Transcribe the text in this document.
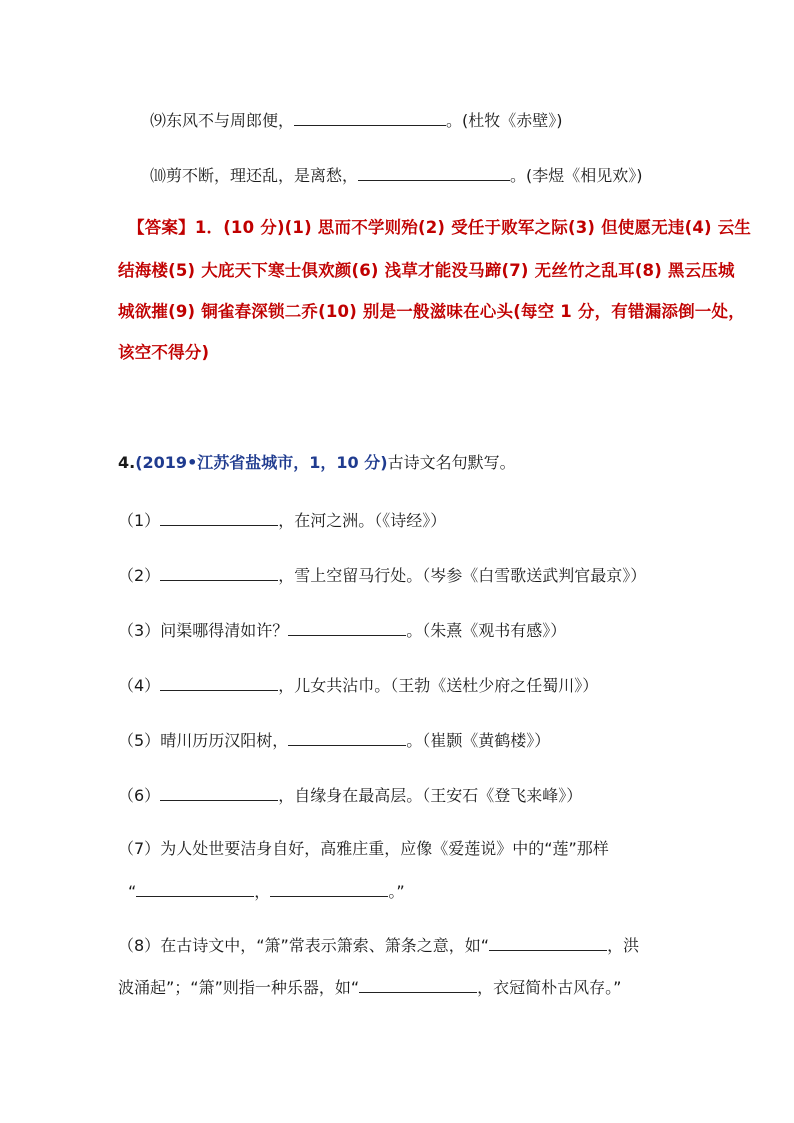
⑼东风不与周郎便，	。(杜牧《赤壁》)
⑽剪不断，理还乱，是离愁，	。(李煜《相见欢》)
【答案】1．(10 分)(1) 思而不学则殆(2) 受任于败军之际(3) 但使愿无违(4) 云生
结海楼(5) 大庇天下寒士俱欢颜(6) 浅草才能没马蹄(7) 无丝竹之乱耳(8) 黑云压城
城欲摧(9) 铜雀春深锁二乔(10) 别是一般滋味在心头(每空 1 分，有错漏添倒一处，
该空不得分)
4.(2019•江苏省盐城市，1，10 分)古诗文名句默写。
（1）	，在河之洲。（《诗经》）
（2）	，雪上空留马行处。（岑参《白雪歌送武判官最京》）
（3）问渠哪得清如许？	。（朱熹《观书有感》）
（4）	，儿女共沾巾。（王勃《送杜少府之任蜀川》）
（5）晴川历历汉阳树，	。（崔颢《黄鹤楼》）
（6）	，自缘身在最高层。（王安石《登飞来峰》）
（7）为人处世要洁身自好，高雅庄重，应像《爱莲说》中的“莲”那样
“	，	。”
（8）在古诗文中，“箫”常表示箫索、箫条之意，如“	，洪
波涌起”；“箫”则指一种乐器，如“	，衣冠简朴古风存。”
